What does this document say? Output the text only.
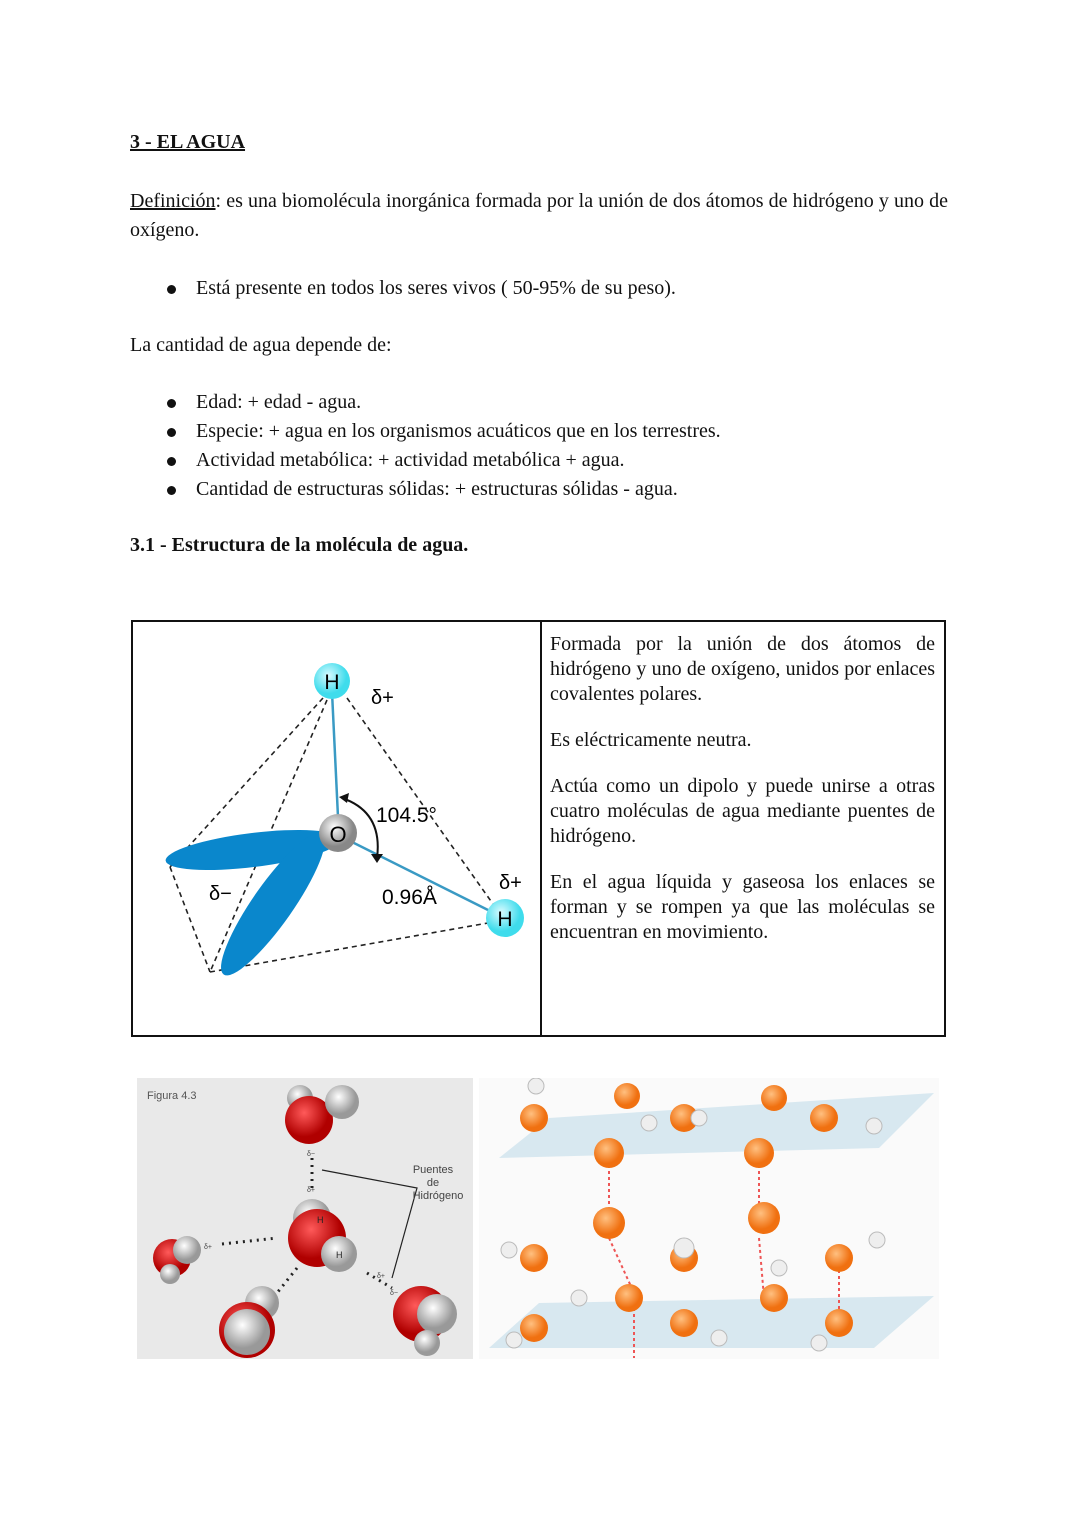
3 - EL AGUA
Definición: es una biomolécula inorgánica formada por la unión de dos átomos de hidrógeno y uno de oxígeno.
Está presente en todos los seres vivos ( 50-95% de su peso).
La cantidad de agua depende de:
Edad: + edad - agua.
Especie: + agua en los organismos acuáticos que en los terrestres.
Actividad metabólica: + actividad metabólica + agua.
Cantidad de estructuras sólidas: + estructuras sólidas - agua.
3.1 - Estructura de la molécula de agua.
H
H
O
δ+
δ+
δ−
104.5°
0.96Å

Formada por la unión de dos átomos de hidrógeno y uno de oxígeno, unidos por enlaces covalentes polares.

Es eléctricamente neutra.

Actúa como un dipolo y puede unirse a otras cuatro moléculas de agua mediante puentes de hidrógeno.

En el agua líquida y gaseosa los enlaces se forman y se rompen ya que las moléculas se encuentran en movimiento.

Figura 4.3
H
H
δ−
δ+
δ+
δ+
δ−
Puentes
de
Hidrógeno
